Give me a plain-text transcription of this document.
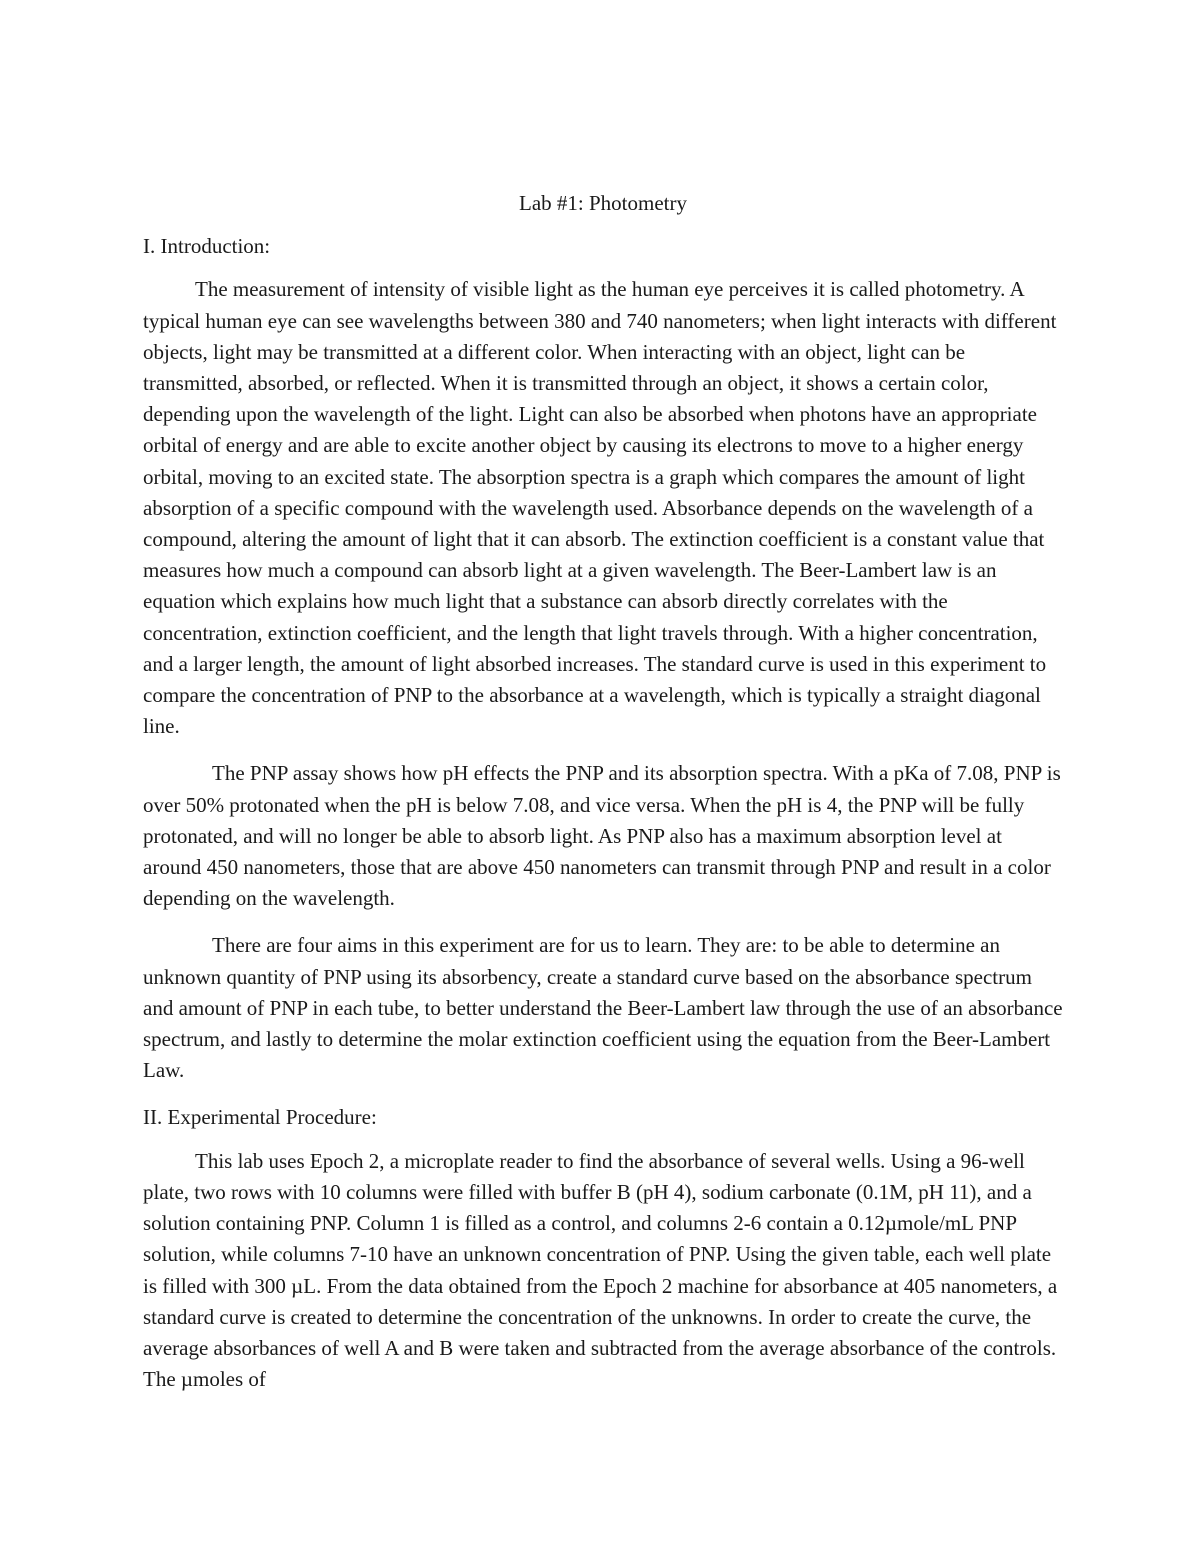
Lab #1: Photometry

I. Introduction:

The measurement of intensity of visible light as the human eye perceives it is called photometry. A typical human eye can see wavelengths between 380 and 740 nanometers; when light interacts with different objects, light may be transmitted at a different color. When interacting with an object, light can be transmitted, absorbed, or reflected. When it is transmitted through an object, it shows a certain color, depending upon the wavelength of the light. Light can also be absorbed when photons have an appropriate orbital of energy and are able to excite another object by causing its electrons to move to a higher energy orbital, moving to an excited state. The absorption spectra is a graph which compares the amount of light absorption of a specific compound with the wavelength used. Absorbance depends on the wavelength of a compound, altering the amount of light that it can absorb. The extinction coefficient is a constant value that measures how much a compound can absorb light at a given wavelength. The Beer-Lambert law is an equation which explains how much light that a substance can absorb directly correlates with the concentration, extinction coefficient, and the length that light travels through. With a higher concentration, and a larger length, the amount of light absorbed increases. The standard curve is used in this experiment to compare the concentration of PNP to the absorbance at a wavelength, which is typically a straight diagonal line.

The PNP assay shows how pH effects the PNP and its absorption spectra. With a pKa of 7.08, PNP is over 50% protonated when the pH is below 7.08, and vice versa. When the pH is 4, the PNP will be fully protonated, and will no longer be able to absorb light. As PNP also has a maximum absorption level at around 450 nanometers, those that are above 450 nanometers can transmit through PNP and result in a color depending on the wavelength.

There are four aims in this experiment are for us to learn. They are: to be able to determine an unknown quantity of PNP using its absorbency, create a standard curve based on the absorbance spectrum and amount of PNP in each tube, to better understand the Beer-Lambert law through the use of an absorbance spectrum, and lastly to determine the molar extinction coefficient using the equation from the Beer-Lambert Law.

II. Experimental Procedure:

This lab uses Epoch 2, a microplate reader to find the absorbance of several wells. Using a 96-well plate, two rows with 10 columns were filled with buffer B (pH 4), sodium carbonate (0.1M, pH 11), and a solution containing PNP. Column 1 is filled as a control, and columns 2-6 contain a 0.12µmole/mL PNP solution, while columns 7-10 have an unknown concentration of PNP. Using the given table, each well plate is filled with 300 µL. From the data obtained from the Epoch 2 machine for absorbance at 405 nanometers, a standard curve is created to determine the concentration of the unknowns. In order to create the curve, the average absorbances of well A and B were taken and subtracted from the average absorbance of the controls. The µmoles of
